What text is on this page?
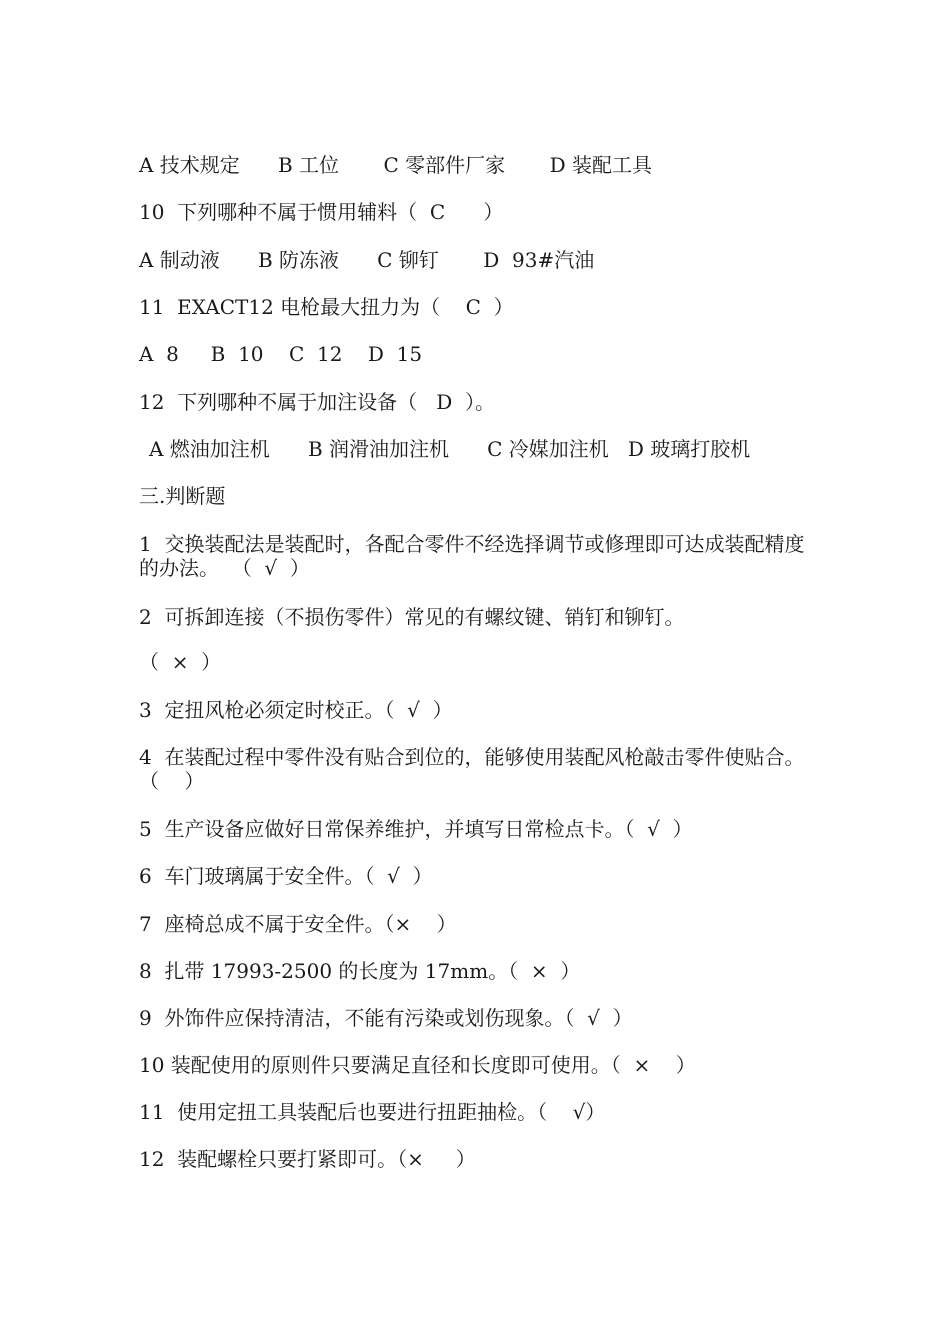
A 技术规定      B 工位       C 零部件厂家       D 装配工具
10  下列哪种不属于惯用辅料（  C      ）
A 制动液      B 防冻液      C 铆钉       D  93#汽油
11  EXACT12 电枪最大扭力为（    C  ）
A  8     B  10    C  12    D  15
12  下列哪种不属于加注设备（   D  ）。
A 燃油加注机      B 润滑油加注机      C 冷媒加注机   D 玻璃打胶机
三.判断题
1  交换装配法是装配时，各配合零件不经选择调节或修理即可达成装配精度的办法。  （  √  ）
2  可拆卸连接（不损伤零件）常见的有螺纹键、销钉和铆钉。
（  ×  ）
3  定扭风枪必须定时校正。（  √  ）
4  在装配过程中零件没有贴合到位的，能够使用装配风枪敲击零件使贴合。（    ）
5  生产设备应做好日常保养维护，并填写日常检点卡。（  √  ）
6  车门玻璃属于安全件。（  √  ）
7  座椅总成不属于安全件。（×    ）
8  扎带 17993-2500 的长度为 17mm。（  ×  ）
9  外饰件应保持清洁，不能有污染或划伤现象。（  √  ）
10 装配使用的原则件只要满足直径和长度即可使用。（  ×    ）
11  使用定扭工具装配后也要进行扭距抽检。（    √）
12  装配螺栓只要打紧即可。（×     ）
